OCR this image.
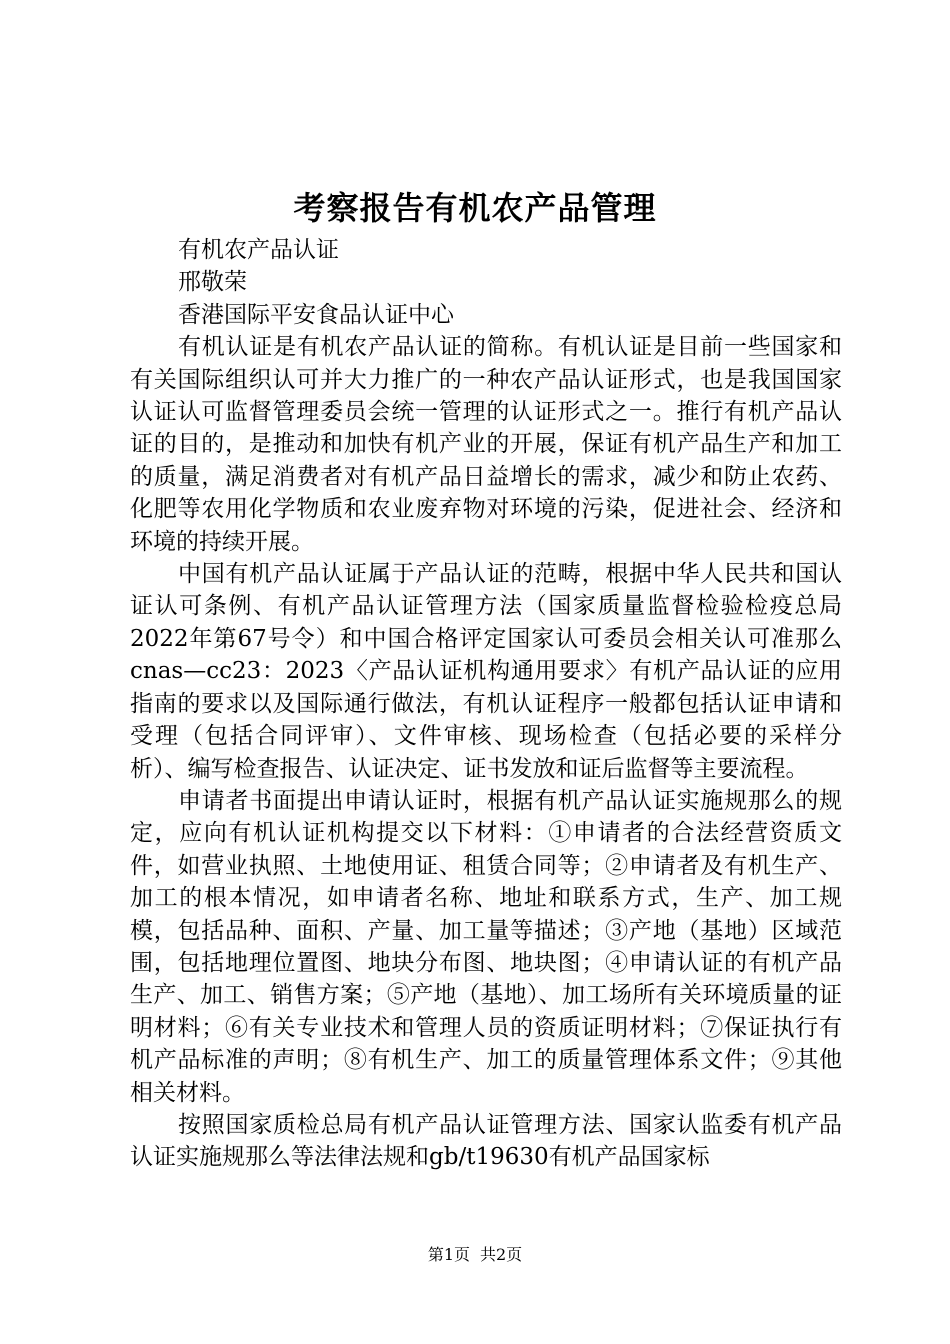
考察报告有机农产品管理

有机农产品认证

邢敬荣

香港国际平安食品认证中心

有机认证是有机农产品认证的简称。有机认证是目前一些国家和有关国际组织认可并大力推广的一种农产品认证形式，也是我国国家认证认可监督管理委员会统一管理的认证形式之一。推行有机产品认证的目的，是推动和加快有机产业的开展，保证有机产品生产和加工的质量，满足消费者对有机产品日益增长的需求，减少和防止农药、化肥等农用化学物质和农业废弃物对环境的污染，促进社会、经济和环境的持续开展。

中国有机产品认证属于产品认证的范畴，根据中华人民共和国认证认可条例、有机产品认证管理方法（国家质量监督检验检疫总局2022年第67号令）和中国合格评定国家认可委员会相关认可准那么cnas—cc23：2023〈产品认证机构通用要求〉有机产品认证的应用指南的要求以及国际通行做法，有机认证程序一般都包括认证申请和受理（包括合同评审）、文件审核、现场检查（包括必要的采样分析）、编写检查报告、认证决定、证书发放和证后监督等主要流程。

申请者书面提出申请认证时，根据有机产品认证实施规那么的规定，应向有机认证机构提交以下材料：①申请者的合法经营资质文件，如营业执照、土地使用证、租赁合同等；②申请者及有机生产、加工的根本情况，如申请者名称、地址和联系方式，生产、加工规模，包括品种、面积、产量、加工量等描述；③产地（基地）区域范围，包括地理位置图、地块分布图、地块图；④申请认证的有机产品生产、加工、销售方案；⑤产地（基地）、加工场所有关环境质量的证明材料；⑥有关专业技术和管理人员的资质证明材料；⑦保证执行有机产品标准的声明；⑧有机生产、加工的质量管理体系文件；⑨其他相关材料。

按照国家质检总局有机产品认证管理方法、国家认监委有机产品认证实施规那么等法律法规和gb/t19630有机产品国家标

第1页 共2页
